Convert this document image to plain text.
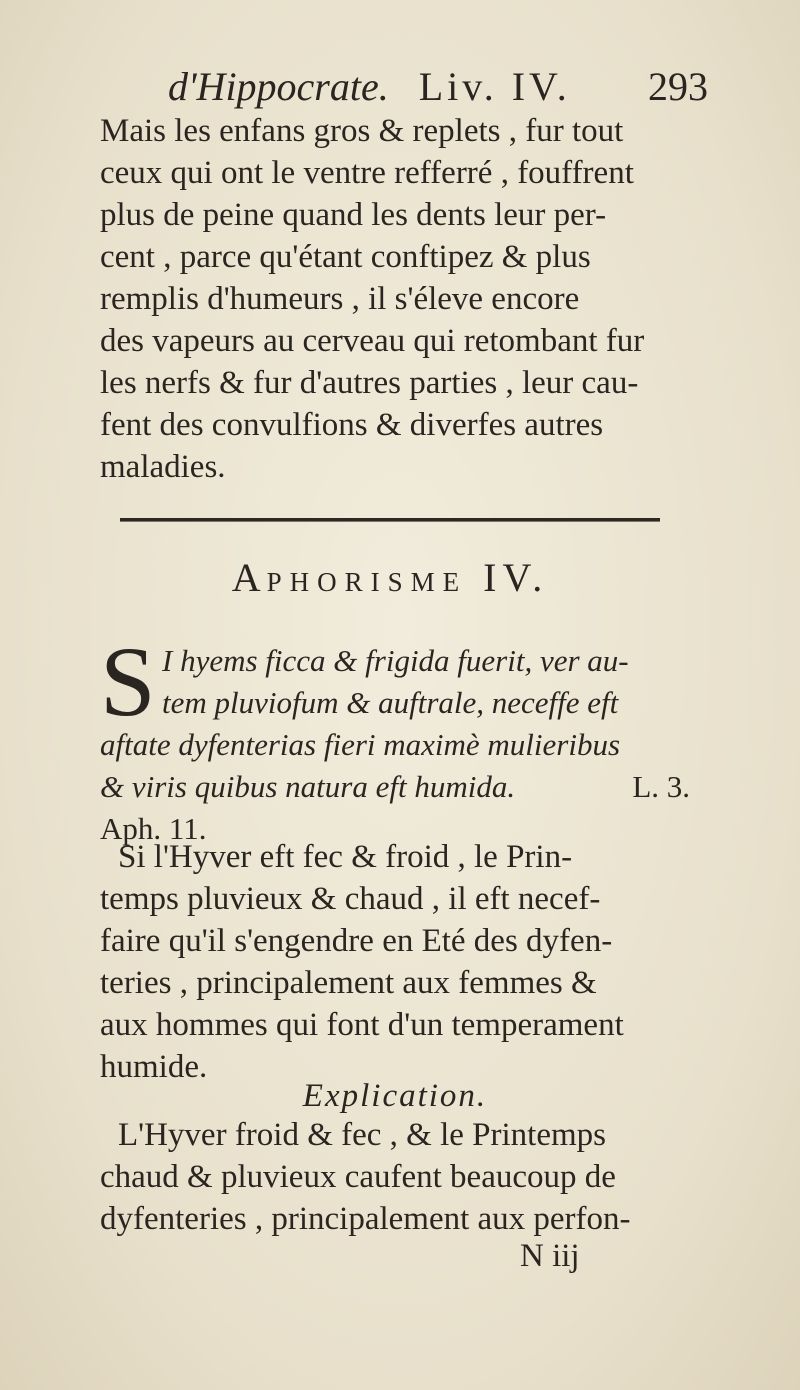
d'Hippocrate. Liv. IV. 293
Mais les enfans gros & replets , fur tout
ceux qui ont le ventre refferré , fouffrent
plus de peine quand les dents leur per-
cent , parce qu'étant conftipez & plus
remplis d'humeurs , il s'éleve encore
des vapeurs au cerveau qui retombant fur
les nerfs & fur d'autres parties , leur cau-
fent des convulfions & diverfes autres
maladies.
APHORISME IV.
S I hyems ficca & frigida fuerit, ver au-
tem pluviofum & auftrale, neceffe eft
aftate dyfenterias fieri maximè mulieribus
& viris quibus natura eft humida.	L. 3.
Aph. 11.
Si l'Hyver eft fec & froid , le Prin-
temps pluvieux & chaud , il eft necef-
faire qu'il s'engendre en Eté des dyfen-
teries , principalement aux femmes &
aux hommes qui font d'un temperament
humide.
Explication.
L'Hyver froid & fec , & le Printemps
chaud & pluvieux caufent beaucoup de
dyfenteries , principalement aux perfon-
N iij
